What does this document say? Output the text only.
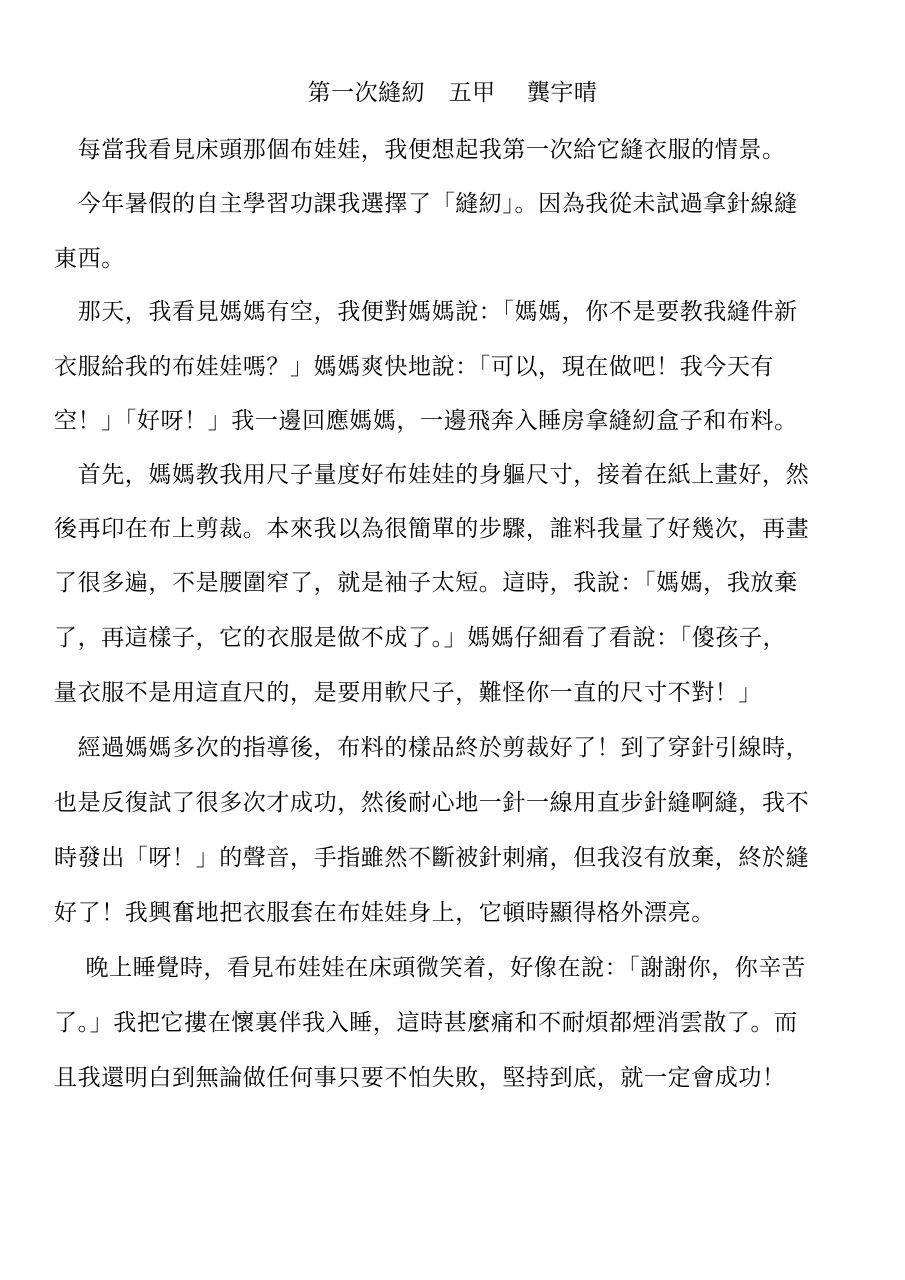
第一次縫紉　五甲　 龔宇晴
　每當我看見床頭那個布娃娃，我便想起我第一次給它縫衣服的情景。
　今年暑假的自主學習功課我選擇了「縫紉」。因為我從未試過拿針線縫
東西。
　那天，我看見媽媽有空，我便對媽媽說：「媽媽，你不是要教我縫件新
衣服給我的布娃娃嗎？」媽媽爽快地說：「可以，現在做吧！我今天有
空！」「好呀！」我一邊回應媽媽，一邊飛奔入睡房拿縫紉盒子和布料。
　首先，媽媽教我用尺子量度好布娃娃的身軀尺寸，接着在紙上畫好，然
後再印在布上剪裁。本來我以為很簡單的步驟，誰料我量了好幾次，再畫
了很多遍，不是腰圍窄了，就是袖子太短。這時，我說：「媽媽，我放棄
了，再這樣子，它的衣服是做不成了。」媽媽仔細看了看說：「傻孩子，
量衣服不是用這直尺的，是要用軟尺子，難怪你一直的尺寸不對！」
　經過媽媽多次的指導後，布料的樣品終於剪裁好了！到了穿針引線時，
也是反復試了很多次才成功，然後耐心地一針一線用直步針縫啊縫，我不
時發出「呀！」的聲音，手指雖然不斷被針刺痛，但我沒有放棄，終於縫
好了！我興奮地把衣服套在布娃娃身上，它頓時顯得格外漂亮。
　 晚上睡覺時，看見布娃娃在床頭微笑着，好像在說：「謝謝你，你辛苦
了。」我把它摟在懷裏伴我入睡，這時甚麼痛和不耐煩都煙消雲散了。而
且我還明白到無論做任何事只要不怕失敗，堅持到底，就一定會成功！
